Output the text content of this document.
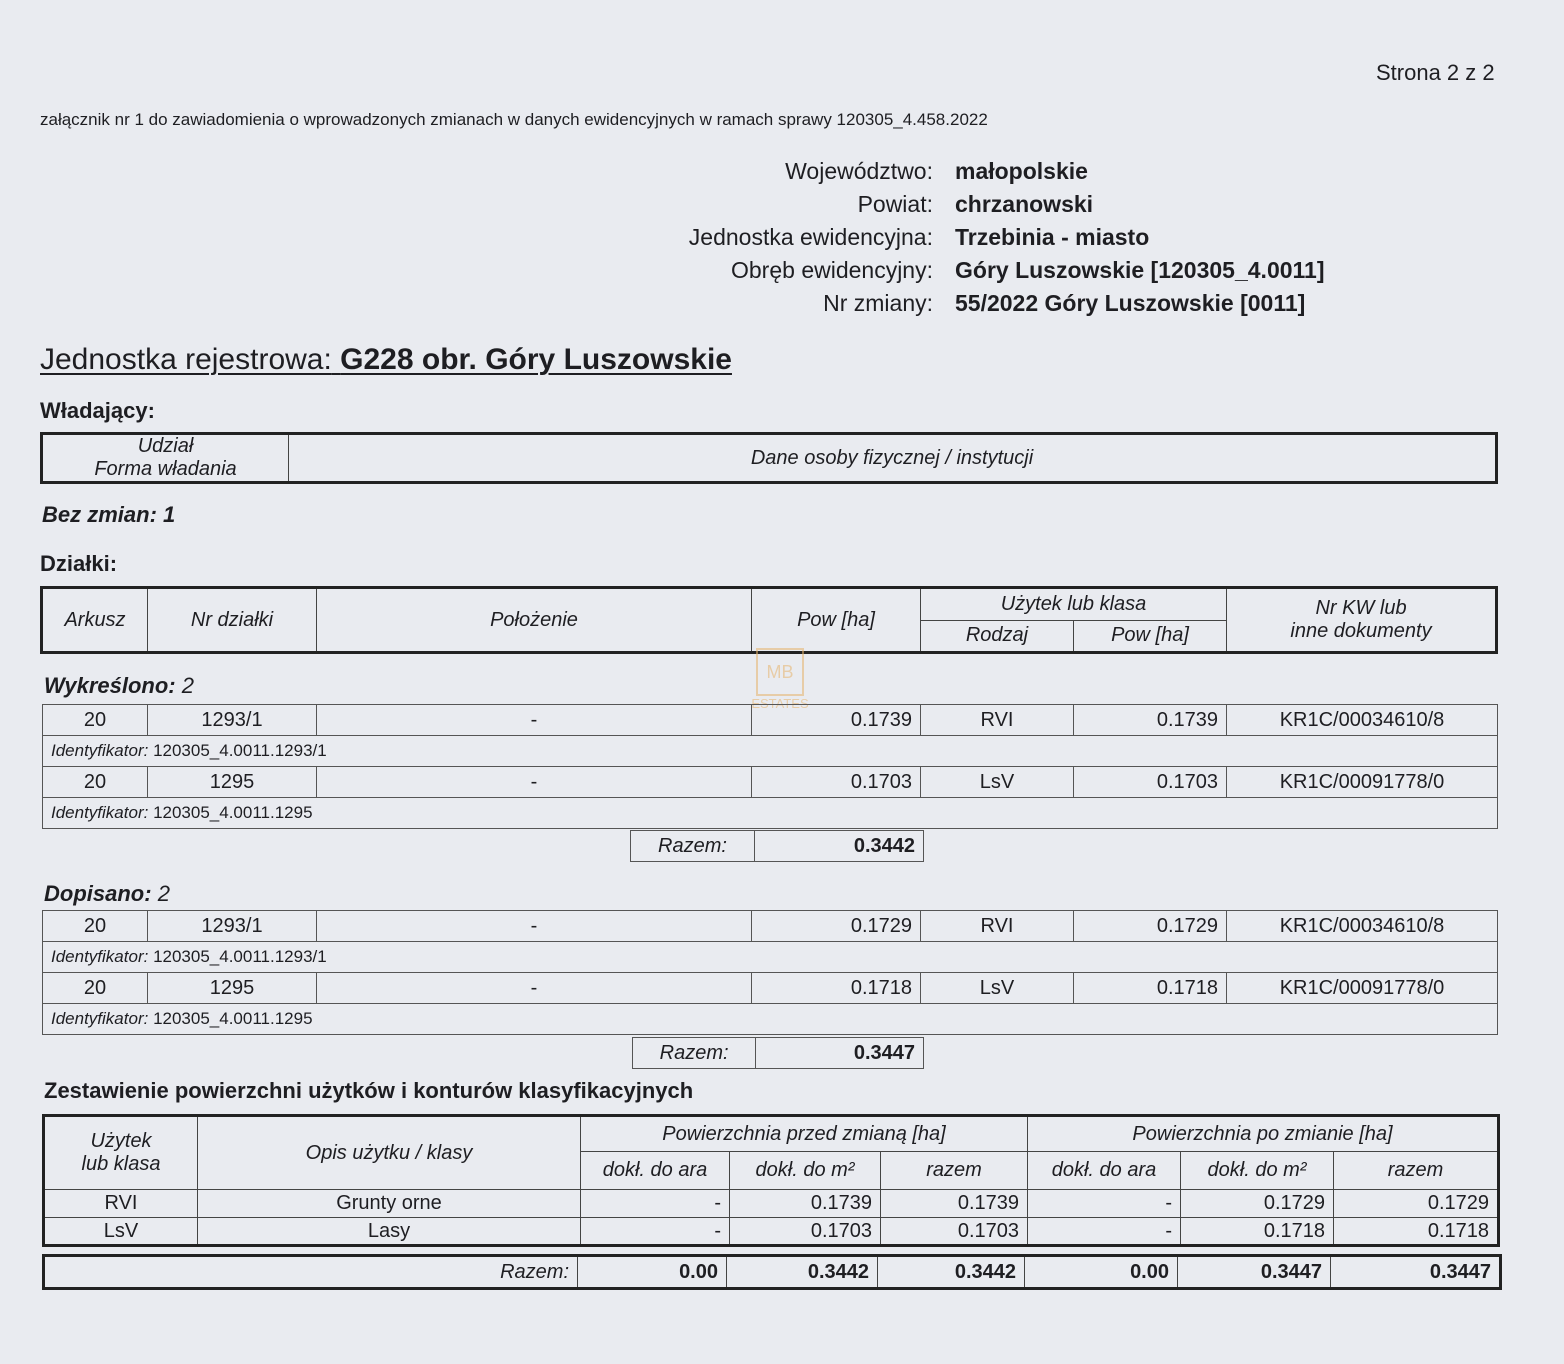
Strona 2 z 2
załącznik nr 1 do zawiadomienia o wprowadzonych zmianach w danych ewidencyjnych w ramach sprawy 120305_4.458.2022
Województwo: małopolskie
Powiat: chrzanowski
Jednostka ewidencyjna: Trzebinia - miasto
Obręb ewidencyjny: Góry Luszowskie [120305_4.0011]
Nr zmiany: 55/2022 Góry Luszowskie [0011]
Jednostka rejestrowa: G228 obr. Góry Luszowskie
Władający:
Udział
Forma władania
	Dane osoby fizycznej / instytucji
Bez zmian: 1
Działki:
Arkusz	Nr działki	Położenie	Pow [ha]	Użytek lub klasa		Nr KW lub
inne dokumenty

				Rodzaj	Pow [ha]	
MB
ESTATES
Wykreślono: 2
20	1293/1	-	0.1739	RVI	0.1739	KR1C/00034610/8
Identyfikator: 120305_4.0011.1293/1						
20	1295	-	0.1703	LsV	0.1703	KR1C/00091778/0
Identyfikator: 120305_4.0011.1295						
Razem:	0.3442
Dopisano: 2
20	1293/1	-	0.1729	RVI	0.1729	KR1C/00034610/8
Identyfikator: 120305_4.0011.1293/1						
20	1295	-	0.1718	LsV	0.1718	KR1C/00091778/0
Identyfikator: 120305_4.0011.1295						
Razem:	0.3447
Zestawienie powierzchni użytków i konturów klasyfikacyjnych
Użytek
lub klasa	Opis użytku / klasy	Powierzchnia przed zmianą [ha]			Powierzchnia po zmianie [ha]		
		dokł. do ara	dokł. do m²	razem	dokł. do ara	dokł. do m²	razem
RVI	Grunty orne	-	0.1739	0.1739	-	0.1729	0.1729
LsV	Lasy	-	0.1703	0.1703	-	0.1718	0.1718
Razem:	0.00	0.3442	0.3442	0.00	0.3447	0.3447
